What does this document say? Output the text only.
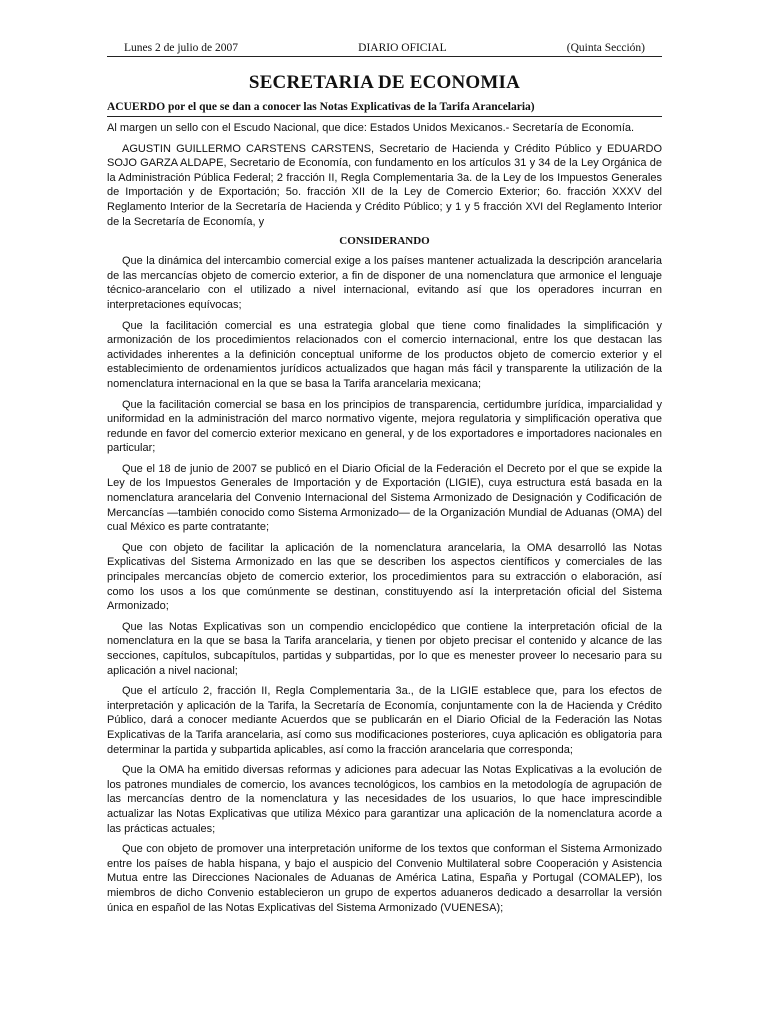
Lunes 2 de julio de 2007	DIARIO OFICIAL	(Quinta Sección)
SECRETARIA DE ECONOMIA
ACUERDO por el que se dan a conocer las Notas Explicativas de la Tarifa Arancelaria)

Al margen un sello con el Escudo Nacional, que dice: Estados Unidos Mexicanos.- Secretaría de Economía.

AGUSTIN GUILLERMO CARSTENS CARSTENS, Secretario de Hacienda y Crédito Público y EDUARDO SOJO GARZA ALDAPE, Secretario de Economía, con fundamento en los artículos 31 y 34 de la Ley Orgánica de la Administración Pública Federal; 2 fracción II, Regla Complementaria 3a. de la Ley de los Impuestos Generales de Importación y de Exportación; 5o. fracción XII de la Ley de Comercio Exterior; 6o. fracción XXXV del Reglamento Interior de la Secretaría de Hacienda y Crédito Público; y 1 y 5 fracción XVI del Reglamento Interior de la Secretaría de Economía, y

CONSIDERANDO

Que la dinámica del intercambio comercial exige a los países mantener actualizada la descripción arancelaria de las mercancías objeto de comercio exterior, a fin de disponer de una nomenclatura que armonice el lenguaje técnico-arancelario con el utilizado a nivel internacional, evitando así que los operadores incurran en interpretaciones equívocas;

Que la facilitación comercial es una estrategia global que tiene como finalidades la simplificación y armonización de los procedimientos relacionados con el comercio internacional, entre los que destacan las actividades inherentes a la definición conceptual uniforme de los productos objeto de comercio exterior y el establecimiento de ordenamientos jurídicos actualizados que hagan más fácil y transparente la utilización de la nomenclatura internacional en la que se basa la Tarifa arancelaria mexicana;

Que la facilitación comercial se basa en los principios de transparencia, certidumbre jurídica, imparcialidad y uniformidad en la administración del marco normativo vigente, mejora regulatoria y simplificación operativa que redunde en favor del comercio exterior mexicano en general, y de los exportadores e importadores nacionales en particular;

Que el 18 de junio de 2007 se publicó en el Diario Oficial de la Federación el Decreto por el que se expide la Ley de los Impuestos Generales de Importación y de Exportación (LIGIE), cuya estructura está basada en la nomenclatura arancelaria del Convenio Internacional del Sistema Armonizado de Designación y Codificación de Mercancías —también conocido como Sistema Armonizado— de la Organización Mundial de Aduanas (OMA) del cual México es parte contratante;

Que con objeto de facilitar la aplicación de la nomenclatura arancelaria, la OMA desarrolló las Notas Explicativas del Sistema Armonizado en las que se describen los aspectos científicos y comerciales de las principales mercancías objeto de comercio exterior, los procedimientos para su extracción o elaboración, así como los usos a los que comúnmente se destinan, constituyendo así la interpretación oficial del Sistema Armonizado;

Que las Notas Explicativas son un compendio enciclopédico que contiene la interpretación oficial de la nomenclatura en la que se basa la Tarifa arancelaria, y tienen por objeto precisar el contenido y alcance de las secciones, capítulos, subcapítulos, partidas y subpartidas, por lo que es menester proveer lo necesario para su aplicación a nivel nacional;

Que el artículo 2, fracción II, Regla Complementaria 3a., de la LIGIE establece que, para los efectos de interpretación y aplicación de la Tarifa, la Secretaría de Economía, conjuntamente con la de Hacienda y Crédito Público, dará a conocer mediante Acuerdos que se publicarán en el Diario Oficial de la Federación las Notas Explicativas de la Tarifa arancelaria, así como sus modificaciones posteriores, cuya aplicación es obligatoria para determinar la partida y subpartida aplicables, así como la fracción arancelaria que corresponda;

Que la OMA ha emitido diversas reformas y adiciones para adecuar las Notas Explicativas a la evolución de los patrones mundiales de comercio, los avances tecnológicos, los cambios en la metodología de agrupación de las mercancías dentro de la nomenclatura y las necesidades de los usuarios, lo que hace imprescindible actualizar las Notas Explicativas que utiliza México para garantizar una aplicación de la nomenclatura acorde a las prácticas actuales;

Que con objeto de promover una interpretación uniforme de los textos que conforman el Sistema Armonizado entre los países de habla hispana, y bajo el auspicio del Convenio Multilateral sobre Cooperación y Asistencia Mutua entre las Direcciones Nacionales de Aduanas de América Latina, España y Portugal (COMALEP), los miembros de dicho Convenio establecieron un grupo de expertos aduaneros dedicado a desarrollar la versión única en español de las Notas Explicativas del Sistema Armonizado (VUENESA);
